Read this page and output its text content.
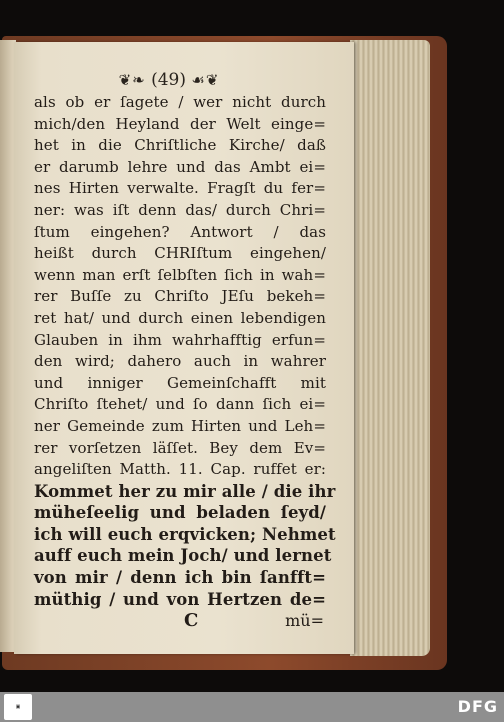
❦❧ (49) ☙❦
als ob er ſagete / wer nicht durch
mich/den Heyland der Welt einge=
het in die Chriſtliche Kirche/ daß
er darumb lehre und das Ambt ei=
nes Hirten verwalte. Fragſt du fer=
ner: was iſt denn das/ durch Chri=
ſtum eingehen? Antwort / das
heißt durch CHRIſtum eingehen/
wenn man erſt ſelbſten ſich in wah=
rer Buſſe zu Chriſto JEſu bekeh=
ret hat/ und durch einen lebendigen
Glauben in ihm wahrhafftig erfun=
den wird; dahero auch in wahrer
und inniger Gemeinſchafft mit
Chriſto ſtehet/ und ſo dann ſich ei=
ner Gemeinde zum Hirten und Leh=
rer vorſetzen läſſet. Bey dem Ev=
angeliſten Matth. 11. Cap. ruffet er:
Kommet her zu mir alle / die ihr
müheſeelig und beladen ſeyd/
ich will euch erqvicken; Nehmet
auff euch mein Joch/ und lernet
von mir / denn ich bin ſanfft=
müthig / und von Hertzen de=
C	mü=
▣	DFG
